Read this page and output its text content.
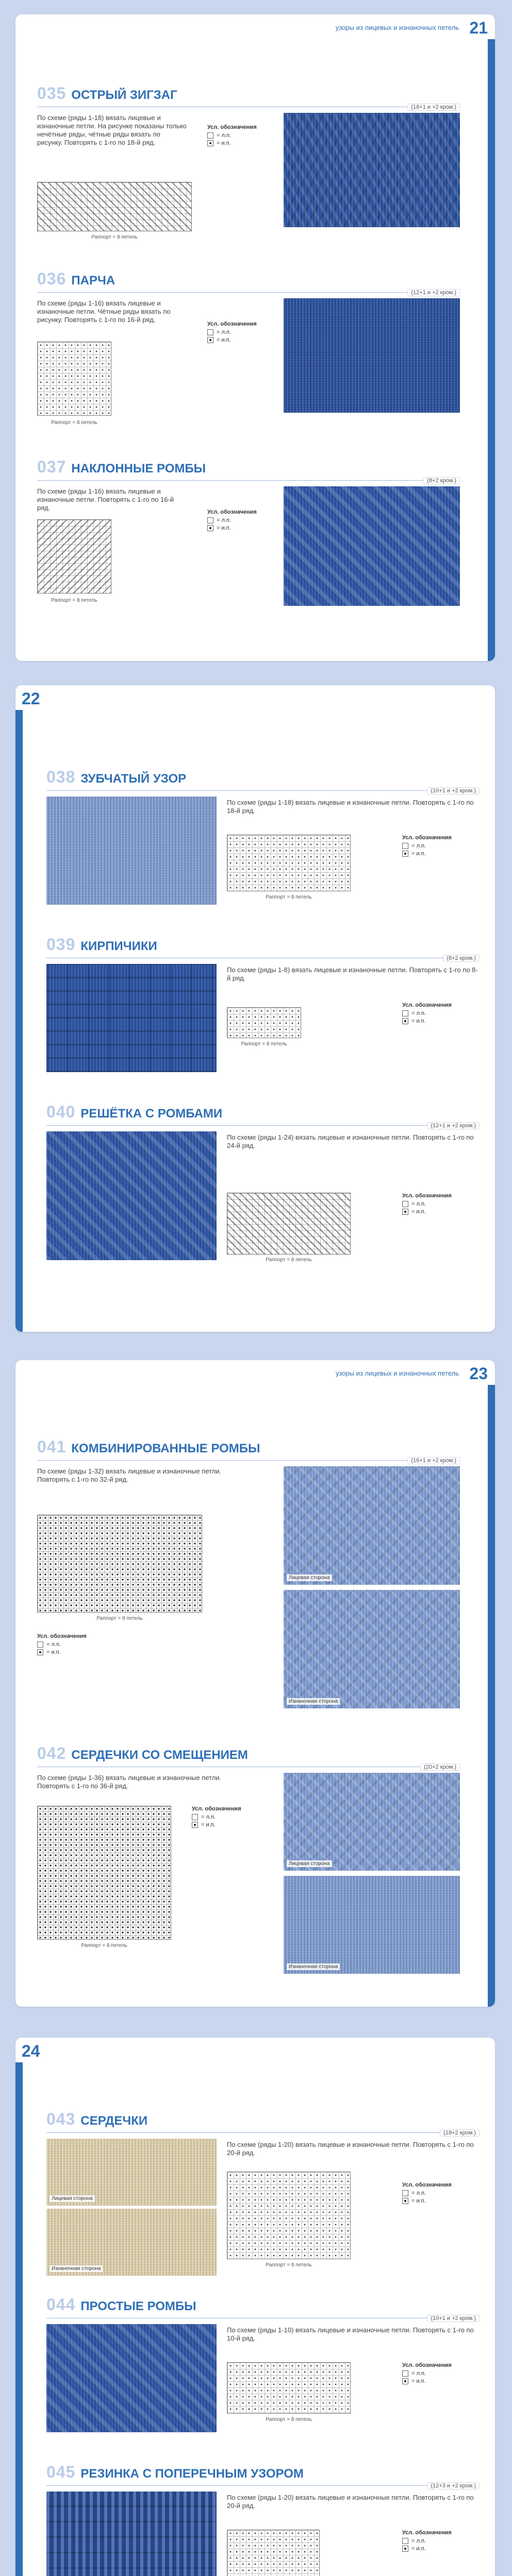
узоры из лицевых и изнаночных петель 21
035 ОСТРЫЙ ЗИГЗАГ
(18+1 и +2 кром.)
По схеме (ряды 1-18) вязать лицевые и изнаночные петли. На рисунке показаны только нечётные ряды, чётные ряды вязать по рисунку. Повторять с 1-го по 18-й ряд.
Раппорт = 8 петель
Усл. обозначения
= л.п.
= и.п.
036 ПАРЧА
(12+1 и +2 кром.)
По схеме (ряды 1-16) вязать лицевые и изнаночные петли. Чётные ряды вязать по рисунку. Повторять с 1-го по 16-й ряд.
Раппорт = 8 петель
Усл. обозначения
= л.п.
= и.п.
037 НАКЛОННЫЕ РОМБЫ
(8+2 кром.)
По схеме (ряды 1-16) вязать лицевые и изнаночные петли. Повторять с 1-го по 16-й ряд.
Раппорт = 8 петель
Усл. обозначения
= л.п.
= и.п.
22
038 ЗУБЧАТЫЙ УЗОР
(10+1 и +2 кром.)
По схеме (ряды 1-18) вязать лицевые и изнаночные петли. Повторять с 1-го по 18-й ряд.
Раппорт = 8 петель
Усл. обозначения
= л.п.
= и.п.
039 КИРПИЧИКИ
(8+2 кром.)
По схеме (ряды 1-8) вязать лицевые и изнаночные петли. Повторять с 1-го по 8-й ряд.
Раппорт = 8 петель
Усл. обозначения
= л.п.
= и.п.
040 РЕШЁТКА С РОМБАМИ
(12+1 и +2 кром.)
По схеме (ряды 1-24) вязать лицевые и изнаночные петли. Повторять с 1-го по 24-й ряд.
Раппорт = 8 петель
Усл. обозначения
= л.п.
= и.п.
узоры из лицевых и изнаночных петель 23
041 КОМБИНИРОВАННЫЕ РОМБЫ
(16+1 и +2 кром.)
По схеме (ряды 1-32) вязать лицевые и изнаночные петли. Повторять с 1-го по 32-й ряд.
Раппорт = 8 петель
Усл. обозначения
= л.п.
= и.п.
Лицевая сторона
Изнаночная сторона
042 СЕРДЕЧКИ СО СМЕЩЕНИЕМ
(20+2 кром.)
По схеме (ряды 1-36) вязать лицевые и изнаночные петли. Повторять с 1-го по 36-й ряд.
Раппорт = 8 петель
Усл. обозначения
= л.п.
= и.п.
Лицевая сторона
Изнаночная сторона
24
043 СЕРДЕЧКИ
(18+2 кром.)
Лицевая сторона
Изнаночная сторона
По схеме (ряды 1-20) вязать лицевые и изнаночные петли. Повторять с 1-го по 20-й ряд.
Раппорт = 8 петель
Усл. обозначения
= л.п.
= и.п.
044 ПРОСТЫЕ РОМБЫ
(10+1 и +2 кром.)
По схеме (ряды 1-10) вязать лицевые и изнаночные петли. Повторять с 1-го по 10-й ряд.
Раппорт = 8 петель
Усл. обозначения
= л.п.
= и.п.
045 РЕЗИНКА С ПОПЕРЕЧНЫМ УЗОРОМ
(12+3 и +2 кром.)
По схеме (ряды 1-20) вязать лицевые и изнаночные петли. Повторять с 1-го по 20-й ряд.
Усл. обозначения
= л.п.
= и.п.
